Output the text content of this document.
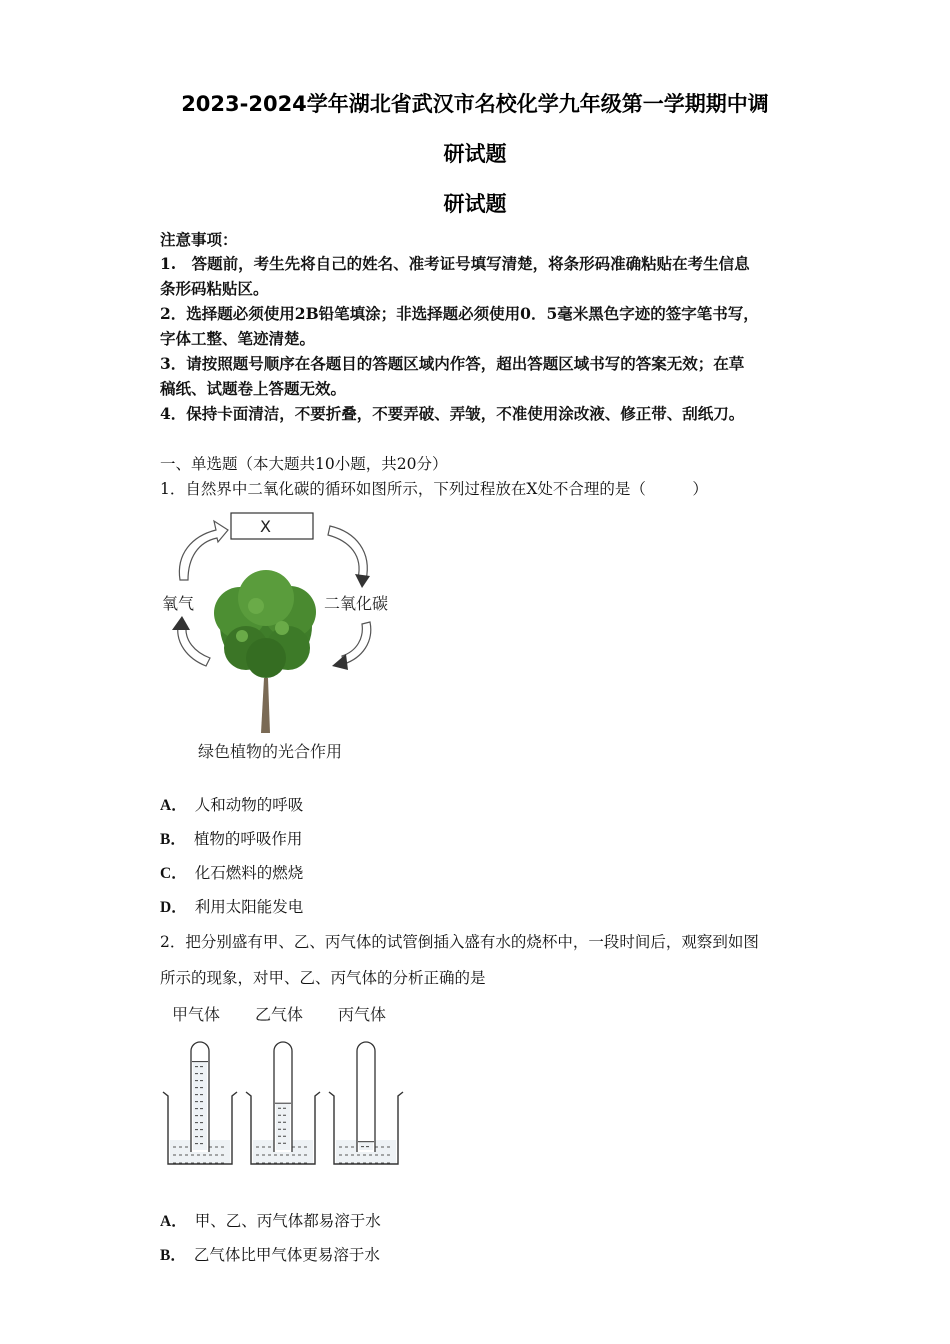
2023-2024学年湖北省武汉市名校化学九年级第一学期期中调
研试题
研试题
注意事项：
1.　答题前，考生先将自己的姓名、准考证号填写清楚，将条形码准确粘贴在考生信息
条形码粘贴区。
2．选择题必须使用2B铅笔填涂；非选择题必须使用0．5毫米黑色字迹的签字笔书写，
字体工整、笔迹清楚。
3．请按照题号顺序在各题目的答题区域内作答，超出答题区域书写的答案无效；在草
稿纸、试题卷上答题无效。
4．保持卡面清洁，不要折叠，不要弄破、弄皱，不准使用涂改液、修正带、刮纸刀。
一、单选题（本大题共10小题，共20分）
1．自然界中二氧化碳的循环如图所示，下列过程放在X处不合理的是（　　　）
X
氧气	二氧化碳
绿色植物的光合作用
A． 人和动物的呼吸
B． 植物的呼吸作用
C． 化石燃料的燃烧
D． 利用太阳能发电
2．把分别盛有甲、乙、丙气体的试管倒插入盛有水的烧杯中，一段时间后，观察到如图
所示的现象，对甲、乙、丙气体的分析正确的是
甲气体 乙气体 丙气体
A． 甲、乙、丙气体都易溶于水
B． 乙气体比甲气体更易溶于水
